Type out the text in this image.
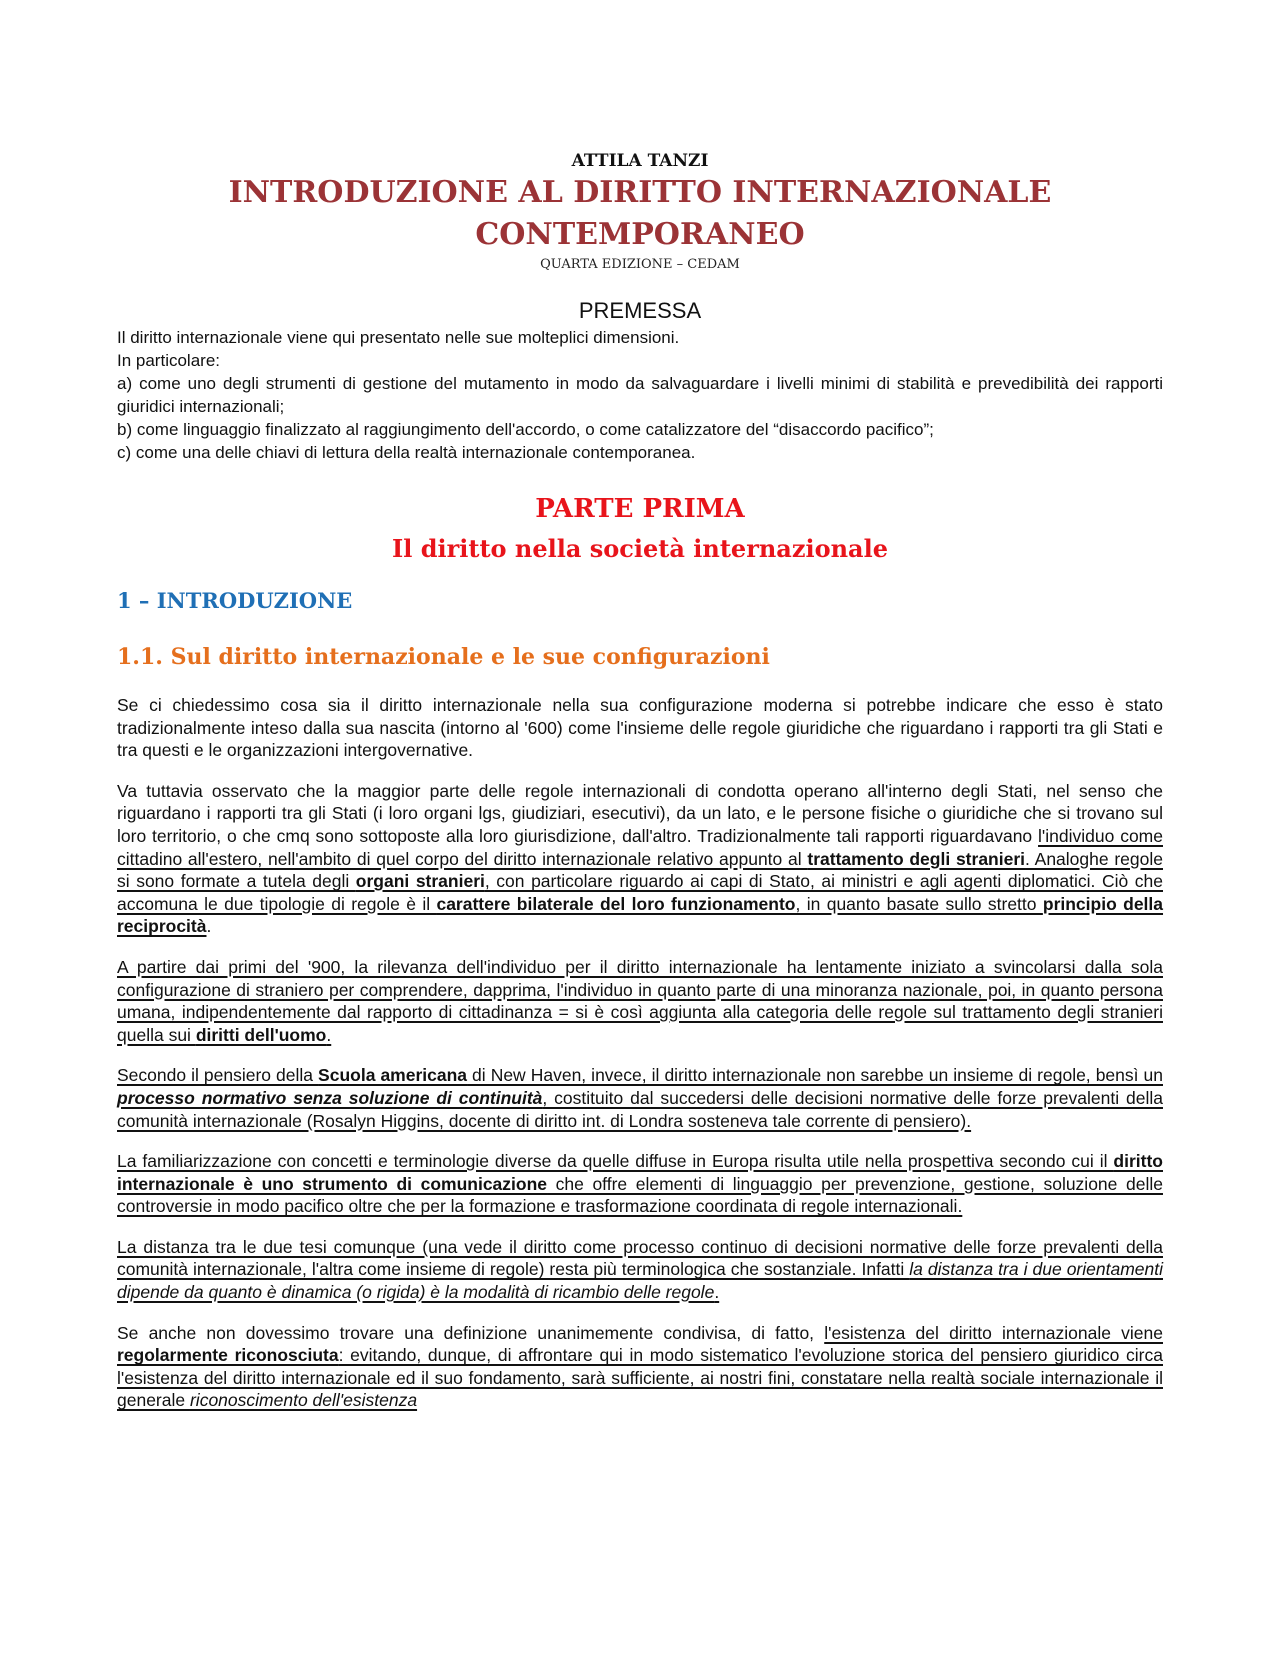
ATTILA TANZI
INTRODUZIONE AL DIRITTO INTERNAZIONALE
CONTEMPORANEO
QUARTA EDIZIONE – CEDAM
PREMESSA
Il diritto internazionale viene qui presentato nelle sue molteplici dimensioni.
In particolare:
a) come uno degli strumenti di gestione del mutamento in modo da salvaguardare i livelli minimi di stabilità e prevedibilità dei rapporti giuridici internazionali;
b) come linguaggio finalizzato al raggiungimento dell'accordo, o come catalizzatore del “disaccordo pacifico”;
c) come una delle chiavi di lettura della realtà internazionale contemporanea.
PARTE PRIMA
Il diritto nella società internazionale
1 – INTRODUZIONE
1.1. Sul diritto internazionale e le sue configurazioni

Se ci chiedessimo cosa sia il diritto internazionale nella sua configurazione moderna si potrebbe indicare che esso è stato tradizionalmente inteso dalla sua nascita (intorno al '600) come l'insieme delle regole giuridiche che riguardano i rapporti tra gli Stati e tra questi e le organizzazioni intergovernative.

Va tuttavia osservato che la maggior parte delle regole internazionali di condotta operano all'interno degli Stati, nel senso che riguardano i rapporti tra gli Stati (i loro organi lgs, giudiziari, esecutivi), da un lato, e le persone fisiche o giuridiche che si trovano sul loro territorio, o che cmq sono sottoposte alla loro giurisdizione, dall'altro. Tradizionalmente tali rapporti riguardavano l'individuo come cittadino all'estero, nell'ambito di quel corpo del diritto internazionale relativo appunto al trattamento degli stranieri. Analoghe regole si sono formate a tutela degli organi stranieri, con particolare riguardo ai capi di Stato, ai ministri e agli agenti diplomatici. Ciò che accomuna le due tipologie di regole è il carattere bilaterale del loro funzionamento, in quanto basate sullo stretto principio della reciprocità.

A partire dai primi del '900, la rilevanza dell'individuo per il diritto internazionale ha lentamente iniziato a svincolarsi dalla sola configurazione di straniero per comprendere, dapprima, l'individuo in quanto parte di una minoranza nazionale, poi, in quanto persona umana, indipendentemente dal rapporto di cittadinanza = si è così aggiunta alla categoria delle regole sul trattamento degli stranieri quella sui diritti dell'uomo.

Secondo il pensiero della Scuola americana di New Haven, invece, il diritto internazionale non sarebbe un insieme di regole, bensì un processo normativo senza soluzione di continuità, costituito dal succedersi delle decisioni normative delle forze prevalenti della comunità internazionale (Rosalyn Higgins, docente di diritto int. di Londra sosteneva tale corrente di pensiero).

La familiarizzazione con concetti e terminologie diverse da quelle diffuse in Europa risulta utile nella prospettiva secondo cui il diritto internazionale è uno strumento di comunicazione che offre elementi di linguaggio per prevenzione, gestione, soluzione delle controversie in modo pacifico oltre che per la formazione e trasformazione coordinata di regole internazionali.

La distanza tra le due tesi comunque (una vede il diritto come processo continuo di decisioni normative delle forze prevalenti della comunità internazionale, l'altra come insieme di regole) resta più terminologica che sostanziale. Infatti la distanza tra i due orientamenti dipende da quanto è dinamica (o rigida) è la modalità di ricambio delle regole.

Se anche non dovessimo trovare una definizione unanimemente condivisa, di fatto, l'esistenza del diritto internazionale viene regolarmente riconosciuta: evitando, dunque, di affrontare qui in modo sistematico l'evoluzione storica del pensiero giuridico circa l'esistenza del diritto internazionale ed il suo fondamento, sarà sufficiente, ai nostri fini, constatare nella realtà sociale internazionale il generale riconoscimento dell'esistenza
